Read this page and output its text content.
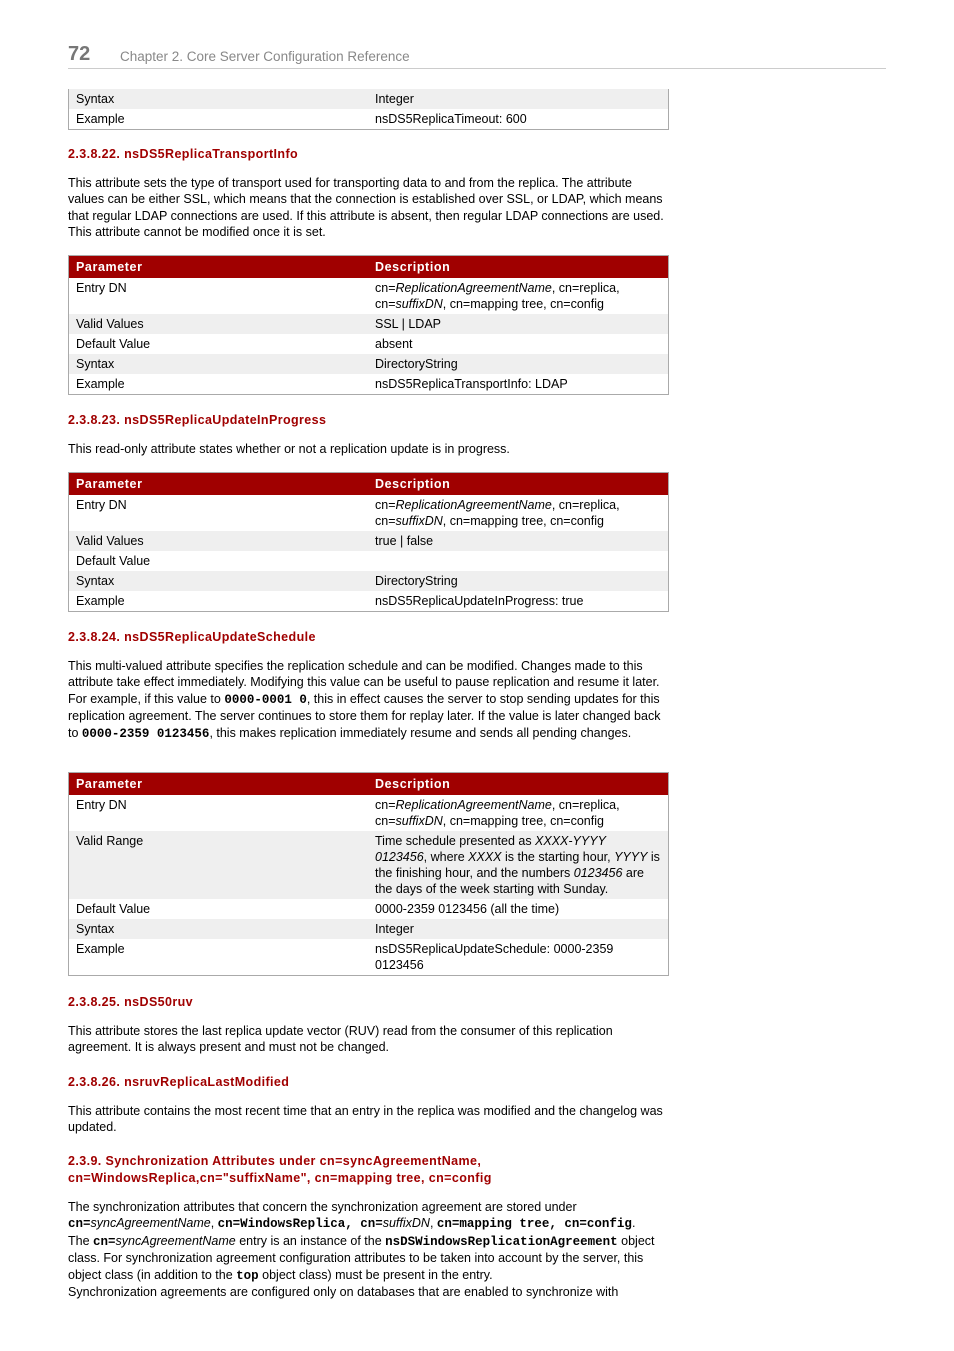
72 Chapter 2. Core Server Configuration Reference
Syntax	Integer
Example	nsDS5ReplicaTimeout: 600
2.3.8.22. nsDS5ReplicaTransportInfo
This attribute sets the type of transport used for transporting data to and from the replica. The attribute values can be either SSL, which means that the connection is established over SSL, or LDAP, which means that regular LDAP connections are used. If this attribute is absent, then regular LDAP connections are used. This attribute cannot be modified once it is set.
Parameter	Description
Entry DN	cn=ReplicationAgreementName, cn=replica,
cn=suffixDN, cn=mapping tree, cn=config
Valid Values	SSL | LDAP
Default Value	absent
Syntax	DirectoryString
Example	nsDS5ReplicaTransportInfo: LDAP
2.3.8.23. nsDS5ReplicaUpdateInProgress
This read-only attribute states whether or not a replication update is in progress.
Parameter	Description
Entry DN	cn=ReplicationAgreementName, cn=replica,
cn=suffixDN, cn=mapping tree, cn=config
Valid Values	true | false
Default Value
Syntax	DirectoryString
Example	nsDS5ReplicaUpdateInProgress: true
2.3.8.24. nsDS5ReplicaUpdateSchedule
This multi-valued attribute specifies the replication schedule and can be modified. Changes made to this attribute take effect immediately. Modifying this value can be useful to pause replication and resume it later. For example, if this value to 0000-0001 0, this in effect causes the server to stop sending updates for this replication agreement. The server continues to store them for replay later. If the value is later changed back to 0000-2359 0123456, this makes replication immediately resume and sends all pending changes.
Parameter	Description
Entry DN	cn=ReplicationAgreementName, cn=replica,
cn=suffixDN, cn=mapping tree, cn=config
Valid Range	Time schedule presented as XXXX-YYYY 0123456, where XXXX is the starting hour, YYYY is the finishing hour, and the numbers 0123456 are the days of the week starting with Sunday.
Default Value	0000-2359 0123456 (all the time)
Syntax	Integer
Example	nsDS5ReplicaUpdateSchedule: 0000-2359 0123456
2.3.8.25. nsDS50ruv
This attribute stores the last replica update vector (RUV) read from the consumer of this replication agreement. It is always present and must not be changed.
2.3.8.26. nsruvReplicaLastModified
This attribute contains the most recent time that an entry in the replica was modified and the changelog was updated.
2.3.9. Synchronization Attributes under cn=syncAgreementName,
cn=WindowsReplica,cn="suffixName", cn=mapping tree, cn=config
The synchronization attributes that concern the synchronization agreement are stored under
cn=syncAgreementName, cn=WindowsReplica, cn=suffixDN, cn=mapping tree, cn=config.
The cn=syncAgreementName entry is an instance of the nsDSWindowsReplicationAgreement object class. For synchronization agreement configuration attributes to be taken into account by the server, this object class (in addition to the top object class) must be present in the entry.
Synchronization agreements are configured only on databases that are enabled to synchronize with
